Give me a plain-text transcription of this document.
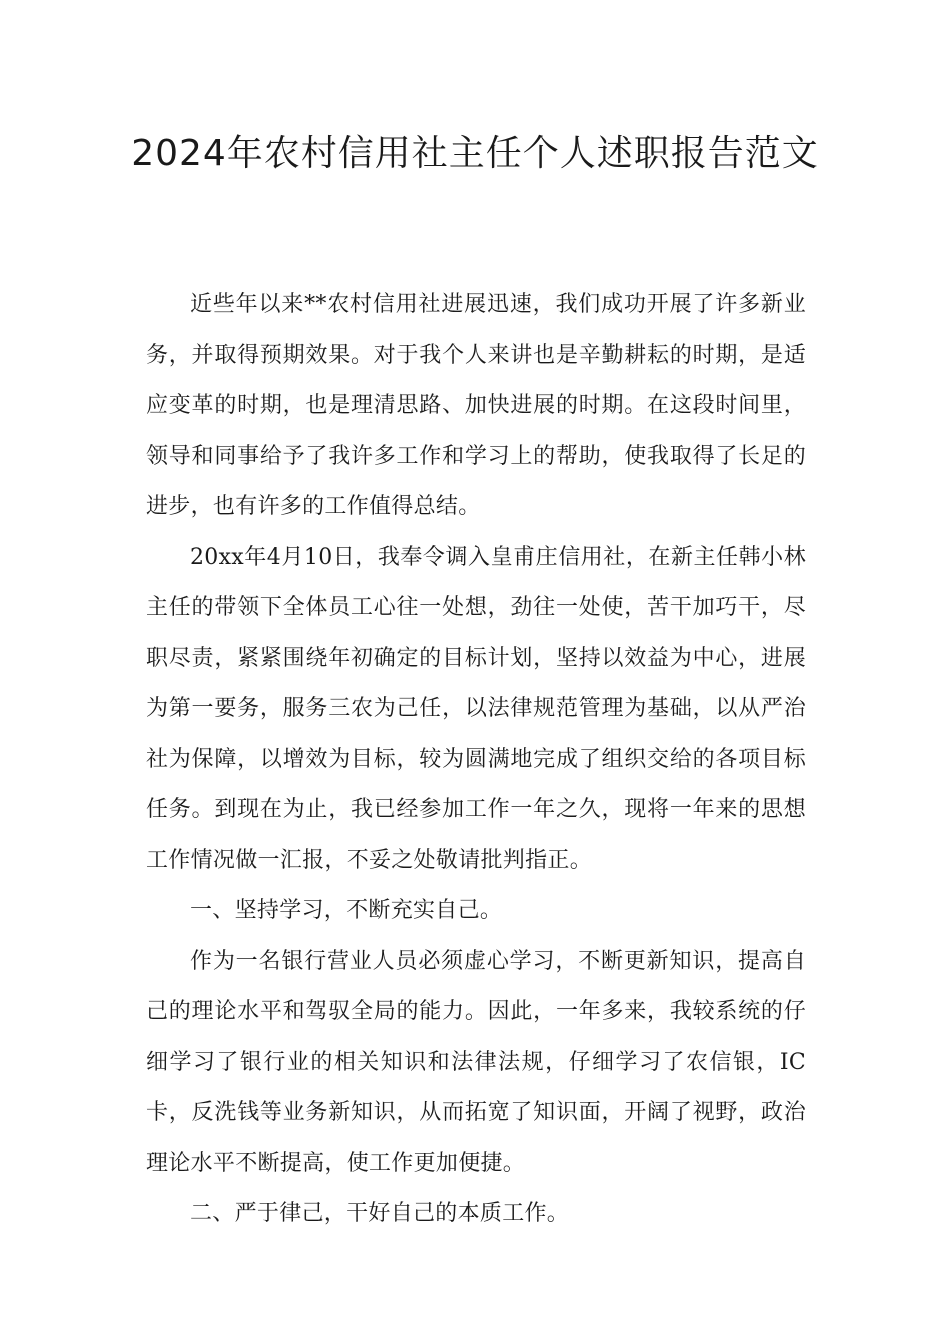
2024年农村信用社主任个人述职报告范文

近些年以来**农村信用社进展迅速，我们成功开展了许多新业务，并取得预期效果。对于我个人来讲也是辛勤耕耘的时期，是适应变革的时期，也是理清思路、加快进展的时期。在这段时间里，领导和同事给予了我许多工作和学习上的帮助，使我取得了长足的进步，也有许多的工作值得总结。

20xx年4月10日，我奉令调入皇甫庄信用社，在新主任韩小林主任的带领下全体员工心往一处想，劲往一处使，苦干加巧干，尽职尽责，紧紧围绕年初确定的目标计划，坚持以效益为中心，进展为第一要务，服务三农为己任，以法律规范管理为基础，以从严治社为保障，以增效为目标，较为圆满地完成了组织交给的各项目标任务。到现在为止，我已经参加工作一年之久，现将一年来的思想工作情况做一汇报，不妥之处敬请批判指正。

一、坚持学习，不断充实自己。

作为一名银行营业人员必须虚心学习，不断更新知识，提高自己的理论水平和驾驭全局的能力。因此，一年多来，我较系统的仔细学习了银行业的相关知识和法律法规，仔细学习了农信银，IC卡，反洗钱等业务新知识，从而拓宽了知识面，开阔了视野，政治理论水平不断提高，使工作更加便捷。

二、严于律己，干好自己的本质工作。
